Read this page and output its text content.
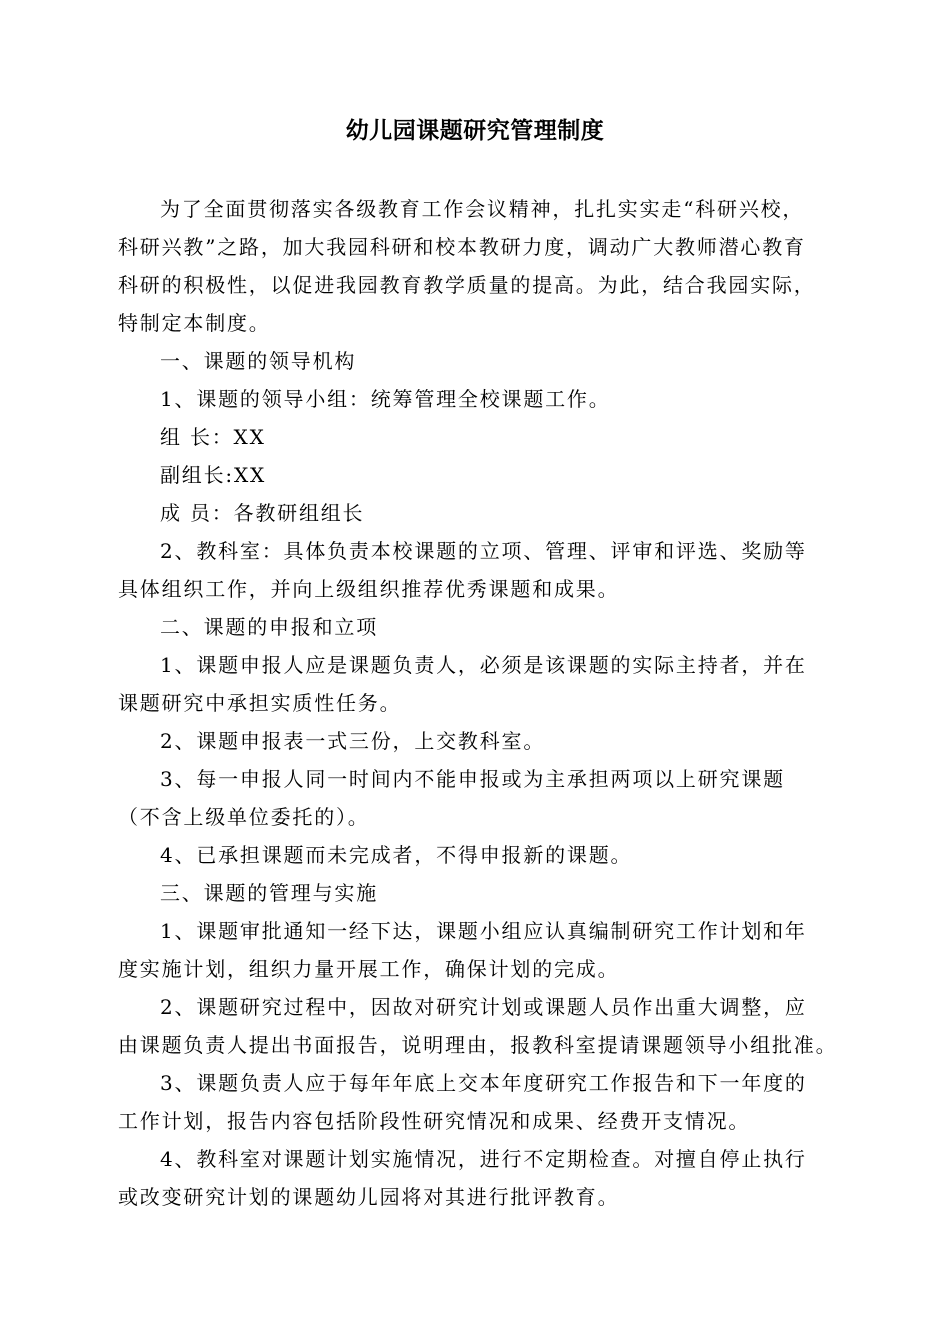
幼儿园课题研究管理制度

为了全面贯彻落实各级教育工作会议精神，扎扎实实走“科研兴校，

科研兴教”之路，加大我园科研和校本教研力度，调动广大教师潜心教育

科研的积极性，以促进我园教育教学质量的提高。为此，结合我园实际，

特制定本制度。

一、课题的领导机构

1、课题的领导小组：统筹管理全校课题工作。

组 长：XX

副组长:XX

成 员：各教研组组长

2、教科室：具体负责本校课题的立项、管理、评审和评选、奖励等

具体组织工作，并向上级组织推荐优秀课题和成果。

二、课题的申报和立项

1、课题申报人应是课题负责人，必须是该课题的实际主持者，并在

课题研究中承担实质性任务。

2、课题申报表一式三份，上交教科室。

3、每一申报人同一时间内不能申报或为主承担两项以上研究课题

（不含上级单位委托的）。

4、已承担课题而未完成者，不得申报新的课题。

三、课题的管理与实施

1、课题审批通知一经下达，课题小组应认真编制研究工作计划和年

度实施计划，组织力量开展工作，确保计划的完成。

2、课题研究过程中，因故对研究计划或课题人员作出重大调整，应

由课题负责人提出书面报告，说明理由，报教科室提请课题领导小组批准。

3、课题负责人应于每年年底上交本年度研究工作报告和下一年度的

工作计划，报告内容包括阶段性研究情况和成果、经费开支情况。

4、教科室对课题计划实施情况，进行不定期检查。对擅自停止执行

或改变研究计划的课题幼儿园将对其进行批评教育。
